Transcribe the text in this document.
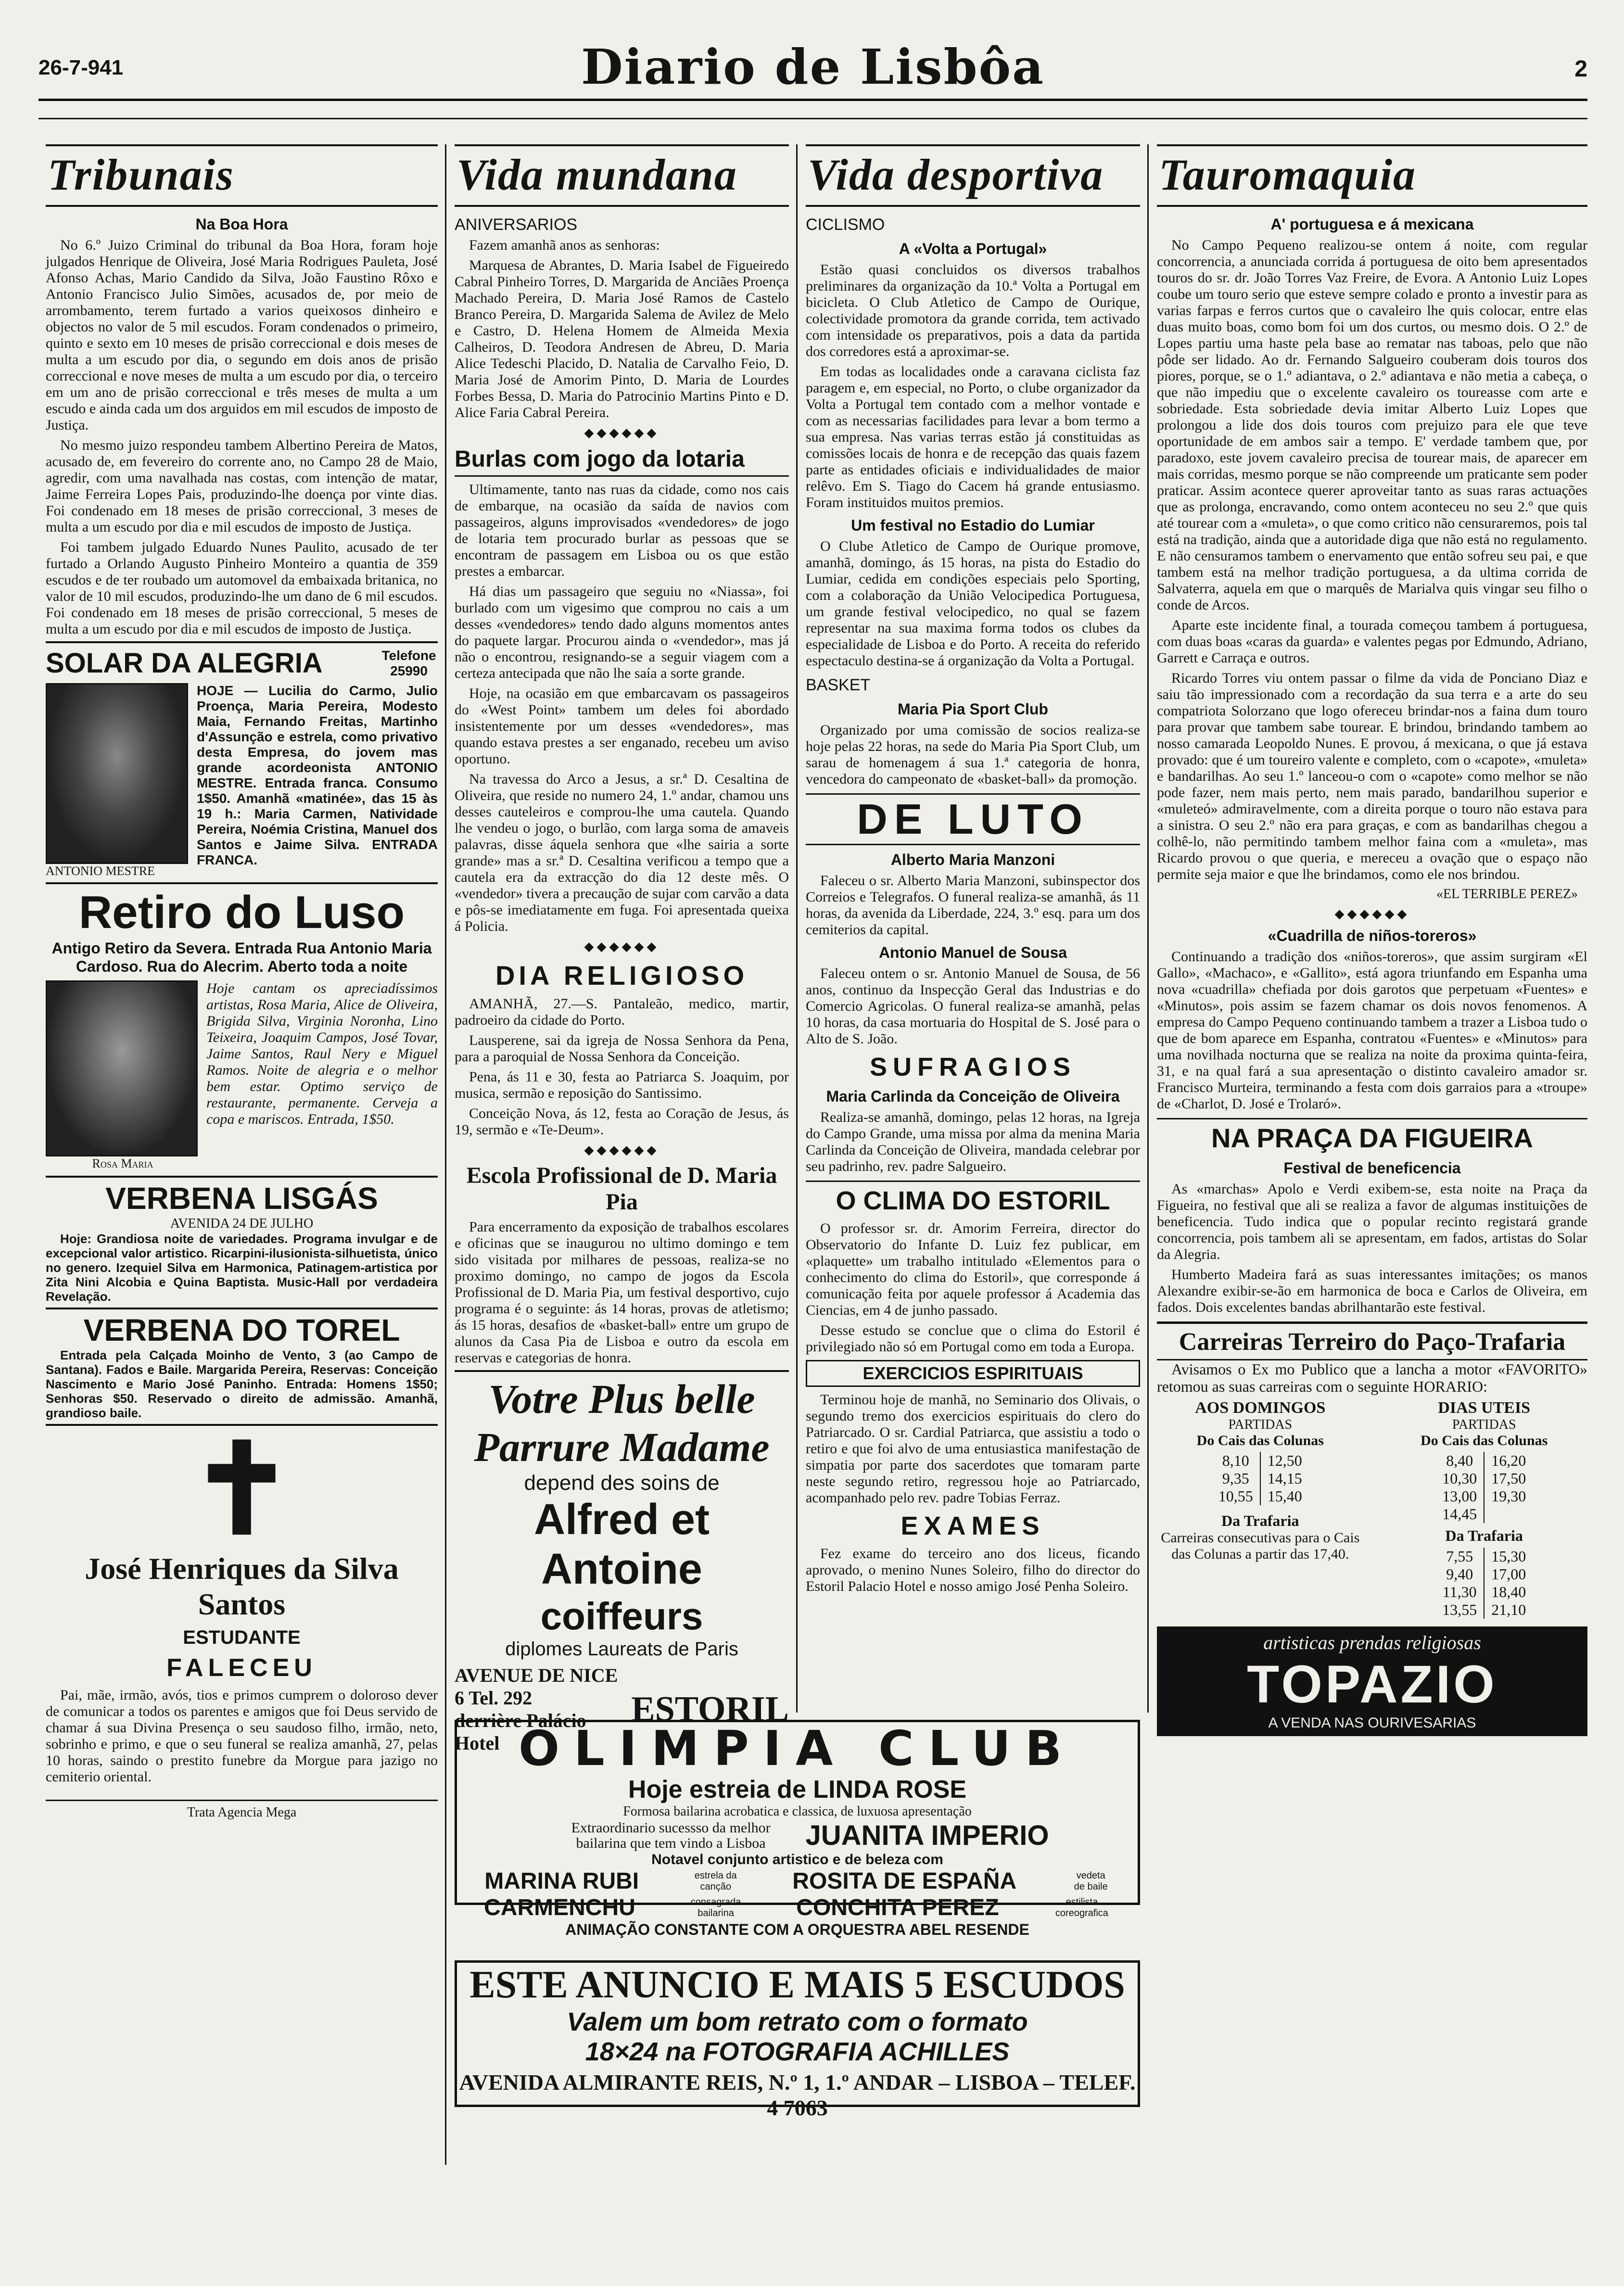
26-7-941	Diario de Lisbôa	2
Tribunais
Na Boa Hora

No 6.º Juizo Criminal do tribunal da Boa Hora, foram hoje julgados Henrique de Oliveira, José Maria Rodrigues Pauleta, José Afonso Achas, Mario Candido da Silva, João Faustino Rôxo e Antonio Francisco Julio Simões, acusados de, por meio de arrombamento, terem furtado a varios queixosos dinheiro e objectos no valor de 5 mil escudos. Foram condenados o primeiro, quinto e sexto em 10 meses de prisão correccional e dois meses de multa a um escudo por dia, o segundo em dois anos de prisão correccional e nove meses de multa a um escudo por dia, o terceiro em um ano de prisão correccional e três meses de multa a um escudo e ainda cada um dos arguidos em mil escudos de imposto de Justiça.

No mesmo juizo respondeu tambem Albertino Pereira de Matos, acusado de, em fevereiro do corrente ano, no Campo 28 de Maio, agredir, com uma navalhada nas costas, com intenção de matar, Jaime Ferreira Lopes Pais, produzindo-lhe doença por vinte dias. Foi condenado em 18 meses de prisão correccional, 3 meses de multa a um escudo por dia e mil escudos de imposto de Justiça.

Foi tambem julgado Eduardo Nunes Paulito, acusado de ter furtado a Orlando Augusto Pinheiro Monteiro a quantia de 359 escudos e de ter roubado um automovel da embaixada britanica, no valor de 10 mil escudos, produzindo-lhe um dano de 6 mil escudos. Foi condenado em 18 meses de prisão correccional, 5 meses de multa a um escudo por dia e mil escudos de imposto de Justiça.

SOLAR DA ALEGRIA	Telefone 25990
ANTONIO MESTRE

HOJE — Lucilia do Carmo, Julio Proença, Maria Pereira, Modesto Maia, Fernando Freitas, Martinho d'Assunção e estrela, como privativo desta Empresa, do jovem mas grande acordeonista ANTONIO MESTRE. Entrada franca. Consumo 1$50. Amanhã «matinée», das 15 às 19 h.: Maria Carmen, Natividade Pereira, Noémia Cristina, Manuel dos Santos e Jaime Silva. ENTRADA FRANCA.

Retiro do Luso
Antigo Retiro da Severa. Entrada Rua Antonio Maria Cardoso. Rua do Alecrim. Aberto toda a noite
Rosa Maria

Hoje cantam os apreciadíssimos artistas, Rosa Maria, Alice de Oliveira, Brigida Silva, Virginia Noronha, Lino Teixeira, Joaquim Campos, José Tovar, Jaime Santos, Raul Nery e Miguel Ramos. Noite de alegria e o melhor bem estar. Optimo serviço de restaurante, permanente. Cerveja a copa e mariscos. Entrada, 1$50.

VERBENA LISGÁS
AVENIDA 24 DE JULHO

Hoje: Grandiosa noite de variedades. Programa invulgar e de excepcional valor artistico. Ricarpini-ilusionista-silhuetista, único no genero. Izequiel Silva em Harmonica, Patinagem-artistica por Zita Nini Alcobia e Quina Baptista. Music-Hall por verdadeira Revelação.

VERBENA DO TOREL

Entrada pela Calçada Moinho de Vento, 3 (ao Campo de Santana). Fados e Baile. Margarida Pereira, Reservas: Conceição Nascimento e Mario José Paninho. Entrada: Homens 1$50; Senhoras $50. Reservado o direito de admissão. Amanhã, grandioso baile.

✝
José Henriques da Silva Santos
ESTUDANTE
FALECEU

Pai, mãe, irmão, avós, tios e primos cumprem o doloroso dever de comunicar a todos os parentes e amigos que foi Deus servido de chamar á sua Divina Presença o seu saudoso filho, irmão, neto, sobrinho e primo, e que o seu funeral se realiza amanhã, 27, pelas 10 horas, saindo o prestito funebre da Morgue para jazigo no cemiterio oriental.

Trata Agencia Mega
Vida mundana
ANIVERSARIOS

Fazem amanhã anos as senhoras:

Marquesa de Abrantes, D. Maria Isabel de Figueiredo Cabral Pinheiro Torres, D. Margarida de Anciães Proença Machado Pereira, D. Maria José Ramos de Castelo Branco Pereira, D. Margarida Salema de Avilez de Melo e Castro, D. Helena Homem de Almeida Mexia Calheiros, D. Teodora Andresen de Abreu, D. Maria Alice Tedeschi Placido, D. Natalia de Carvalho Feio, D. Maria José de Amorim Pinto, D. Maria de Lourdes Forbes Bessa, D. Maria do Patrocinio Martins Pinto e D. Alice Faria Cabral Pereira.

◆◆◆◆◆◆
Burlas com jogo da lotaria

Ultimamente, tanto nas ruas da cidade, como nos cais de embarque, na ocasião da saída de navios com passageiros, alguns improvisados «vendedores» de jogo de lotaria tem procurado burlar as pessoas que se encontram de passagem em Lisboa ou os que estão prestes a embarcar.

Há dias um passageiro que seguiu no «Niassa», foi burlado com um vigesimo que comprou no cais a um desses «vendedores» tendo dado alguns momentos antes do paquete largar. Procurou ainda o «vendedor», mas já não o encontrou, resignando-se a seguir viagem com a certeza antecipada que não lhe saía a sorte grande.

Hoje, na ocasião em que embarcavam os passageiros do «West Point» tambem um deles foi abordado insistentemente por um desses «vendedores», mas quando estava prestes a ser enganado, recebeu um aviso oportuno.

Na travessa do Arco a Jesus, a sr.ª D. Cesaltina de Oliveira, que reside no numero 24, 1.º andar, chamou uns desses cauteleiros e comprou-lhe uma cautela. Quando lhe vendeu o jogo, o burlão, com larga soma de amaveis palavras, disse áquela senhora que «lhe sairia a sorte grande» mas a sr.ª D. Cesaltina verificou a tempo que a cautela era da extracção do dia 12 deste mês. O «vendedor» tivera a precaução de sujar com carvão a data e pôs-se imediatamente em fuga. Foi apresentada queixa á Policia.

◆◆◆◆◆◆
DIA RELIGIOSO

AMANHÃ, 27.—S. Pantaleão, medico, martir, padroeiro da cidade do Porto.

Lausperene, sai da igreja de Nossa Senhora da Pena, para a paroquial de Nossa Senhora da Conceição.

Pena, ás 11 e 30, festa ao Patriarca S. Joaquim, por musica, sermão e reposição do Santissimo.

Conceição Nova, ás 12, festa ao Coração de Jesus, ás 19, sermão e «Te-Deum».

◆◆◆◆◆◆
Escola Profissional de D. Maria Pia

Para encerramento da exposição de trabalhos escolares e oficinas que se inaugurou no ultimo domingo e tem sido visitada por milhares de pessoas, realiza-se no proximo domingo, no campo de jogos da Escola Profissional de D. Maria Pia, um festival desportivo, cujo programa é o seguinte: ás 14 horas, provas de atletismo; ás 15 horas, desafios de «basket-ball» entre um grupo de alunos da Casa Pia de Lisboa e outro da escola em reservas e categorias de honra.

Votre Plus belle
Parrure Madame
depend des soins de
Alfred et Antoine
coiffeurs
diplomes Laureats de Paris
AVENUE DE NICE 6 Tel. 292
derrière Palácio Hotel
ESTORIL
Vida desportiva
CICLISMO
A «Volta a Portugal»

Estão quasi concluidos os diversos trabalhos preliminares da organização da 10.ª Volta a Portugal em bicicleta. O Club Atletico de Campo de Ourique, colectividade promotora da grande corrida, tem activado com intensidade os preparativos, pois a data da partida dos corredores está a aproximar-se.

Em todas as localidades onde a caravana ciclista faz paragem e, em especial, no Porto, o clube organizador da Volta a Portugal tem contado com a melhor vontade e com as necessarias facilidades para levar a bom termo a sua empresa. Nas varias terras estão já constituidas as comissões locais de honra e de recepção das quais fazem parte as entidades oficiais e individualidades de maior relêvo. Em S. Tiago do Cacem há grande entusiasmo. Foram instituidos muitos premios.

Um festival no Estadio do Lumiar

O Clube Atletico de Campo de Ourique promove, amanhã, domingo, ás 15 horas, na pista do Estadio do Lumiar, cedida em condições especiais pelo Sporting, com a colaboração da União Velocipedica Portuguesa, um grande festival velocipedico, no qual se fazem representar na sua maxima forma todos os clubes da especialidade de Lisboa e do Porto. A receita do referido espectaculo destina-se á organização da Volta a Portugal.

BASKET
Maria Pia Sport Club

Organizado por uma comissão de socios realiza-se hoje pelas 22 horas, na sede do Maria Pia Sport Club, um sarau de homenagem á sua 1.ª categoria de honra, vencedora do campeonato de «basket-ball» da promoção.

DE LUTO
Alberto Maria Manzoni

Faleceu o sr. Alberto Maria Manzoni, subinspector dos Correios e Telegrafos. O funeral realiza-se amanhã, ás 11 horas, da avenida da Liberdade, 224, 3.º esq. para um dos cemiterios da capital.

Antonio Manuel de Sousa

Faleceu ontem o sr. Antonio Manuel de Sousa, de 56 anos, continuo da Inspecção Geral das Industrias e do Comercio Agricolas. O funeral realiza-se amanhã, pelas 10 horas, da casa mortuaria do Hospital de S. José para o Alto de S. João.

SUFRAGIOS
Maria Carlinda da Conceição de Oliveira

Realiza-se amanhã, domingo, pelas 12 horas, na Igreja do Campo Grande, uma missa por alma da menina Maria Carlinda da Conceição de Oliveira, mandada celebrar por seu padrinho, rev. padre Salgueiro.

O CLIMA DO ESTORIL

O professor sr. dr. Amorim Ferreira, director do Observatorio do Infante D. Luiz fez publicar, em «plaquette» um trabalho intitulado «Elementos para o conhecimento do clima do Estoril», que corresponde á comunicação feita por aquele professor á Academia das Ciencias, em 4 de junho passado.

Desse estudo se conclue que o clima do Estoril é privilegiado não só em Portugal como em toda a Europa.

EXERCICIOS ESPIRITUAIS

Terminou hoje de manhã, no Seminario dos Olivais, o segundo tremo dos exercicios espirituais do clero do Patriarcado. O sr. Cardial Patriarca, que assistiu a todo o retiro e que foi alvo de uma entusiastica manifestação de simpatia por parte dos sacerdotes que tomaram parte neste segundo retiro, regressou hoje ao Patriarcado, acompanhado pelo rev. padre Tobias Ferraz.

EXAMES

Fez exame do terceiro ano dos liceus, ficando aprovado, o menino Nunes Soleiro, filho do director do Estoril Palacio Hotel e nosso amigo José Penha Soleiro.

Tauromaquia
A' portuguesa e á mexicana

No Campo Pequeno realizou-se ontem á noite, com regular concorrencia, a anunciada corrida á portuguesa de oito bem apresentados touros do sr. dr. João Torres Vaz Freire, de Evora. A Antonio Luiz Lopes coube um touro serio que esteve sempre colado e pronto a investir para as varias farpas e ferros curtos que o cavaleiro lhe quis colocar, entre elas duas muito boas, como bom foi um dos curtos, ou mesmo dois. O 2.º de Lopes partiu uma haste pela base ao rematar nas taboas, pelo que não pôde ser lidado. Ao dr. Fernando Salgueiro couberam dois touros dos piores, porque, se o 1.º adiantava, o 2.º adiantava e não metia a cabeça, o que não impediu que o excelente cavaleiro os toureasse com arte e sobriedade. Esta sobriedade devia imitar Alberto Luiz Lopes que prolongou a lide dos dois touros com prejuizo para ele que teve oportunidade de em ambos sair a tempo. E' verdade tambem que, por paradoxo, este jovem cavaleiro precisa de tourear mais, de aparecer em mais corridas, mesmo porque se não compreende um praticante sem poder praticar. Assim acontece querer aproveitar tanto as suas raras actuações que as prolonga, encravando, como ontem aconteceu no seu 2.º que quis até tourear com a «muleta», o que como critico não censuraremos, pois tal está na tradição, ainda que a autoridade diga que não está no regulamento. E não censuramos tambem o enervamento que então sofreu seu pai, e que tambem está na melhor tradição portuguesa, a da ultima corrida de Salvaterra, aquela em que o marquês de Marialva quis vingar seu filho o conde de Arcos.

Aparte este incidente final, a tourada começou tambem á portuguesa, com duas boas «caras da guarda» e valentes pegas por Edmundo, Adriano, Garrett e Carraça e outros.

Ricardo Torres viu ontem passar o filme da vida de Ponciano Diaz e saiu tão impressionado com a recordação da sua terra e a arte do seu compatriota Solorzano que logo ofereceu brindar-nos a faina dum touro para provar que tambem sabe tourear. E brindou, brindando tambem ao nosso camarada Leopoldo Nunes. E provou, á mexicana, o que já estava provado: que é um toureiro valente e completo, com o «capote», «muleta» e bandarilhas. Ao seu 1.º lanceou-o com o «capote» como melhor se não pode fazer, nem mais perto, nem mais parado, bandarilhou superior e «muleteó» admiravelmente, com a direita porque o touro não estava para a sinistra. O seu 2.º não era para graças, e com as bandarilhas chegou a colhê-lo, não permitindo tambem melhor faina com a «muleta», mas Ricardo provou o que queria, e mereceu a ovação que o espaço não permite seja maior e que lhe brindamos, como ele nos brindou.

«EL TERRIBLE PEREZ»
◆◆◆◆◆◆
«Cuadrilla de niños-toreros»

Continuando a tradição dos «niños-toreros», que assim surgiram «El Gallo», «Machaco», e «Gallito», está agora triunfando em Espanha uma nova «cuadrilla» chefiada por dois garotos que perpetuam «Fuentes» e «Minutos», pois assim se fazem chamar os dois novos fenomenos. A empresa do Campo Pequeno continuando tambem a trazer a Lisboa tudo o que de bom aparece em Espanha, contratou «Fuentes» e «Minutos» para uma novilhada nocturna que se realiza na noite da proxima quinta-feira, 31, e na qual fará a sua apresentação o distinto cavaleiro amador sr. Francisco Murteira, terminando a festa com dois garraios para a «troupe» de «Charlot, D. José e Trolaró».

NA PRAÇA DA FIGUEIRA
Festival de beneficencia

As «marchas» Apolo e Verdi exibem-se, esta noite na Praça da Figueira, no festival que ali se realiza a favor de algumas instituições de beneficencia. Tudo indica que o popular recinto registará grande concorrencia, pois tambem ali se apresentam, em fados, artistas do Solar da Alegria.

Humberto Madeira fará as suas interessantes imitações; os manos Alexandre exibir-se-ão em harmonica de boca e Carlos de Oliveira, em fados. Dois excelentes bandas abrilhantarão este festival.

Carreiras Terreiro do Paço-Trafaria

Avisamos o Ex mo Publico que a lancha a motor «FAVORITO» retomou as suas carreiras com o seguinte HORARIO:

AOS DOMINGOS
PARTIDAS
Do Cais das Colunas
8,10	12,50
9,35	14,15
10,55	15,40
Da Trafaria

Carreiras consecutivas para o Cais das Colunas a partir das 17,40.

DIAS UTEIS
PARTIDAS
Do Cais das Colunas
8,40	16,20
10,30	17,50
13,00	19,30
14,45	
Da Trafaria
7,55	15,30
9,40	17,00
11,30	18,40
13,55	21,10
artisticas prendas religiosas
TOPAZIO
A VENDA NAS OURIVESARIAS
OLIMPIA CLUB
Hoje estreia de LINDA ROSE
Formosa bailarina acrobatica e classica, de luxuosa apresentação
Extraordinario sucessso da melhor bailarina que tem vindo a Lisboa	JUANITA IMPERIO
Notavel conjunto artistico e de beleza com
MARINA RUBI	estrela da canção	ROSITA DE ESPAÑA	vedeta de baile
CARMENCHU	consagrada bailarina	CONCHITA PEREZ	estilista coreografica
ANIMAÇÃO CONSTANTE COM A ORQUESTRA ABEL RESENDE
ESTE ANUNCIO E MAIS 5 ESCUDOS
Valem um bom retrato com o formato
18×24 na FOTOGRAFIA ACHILLES
AVENIDA ALMIRANTE REIS, N.º 1, 1.º ANDAR – LISBOA – TELEF. 4 7063
